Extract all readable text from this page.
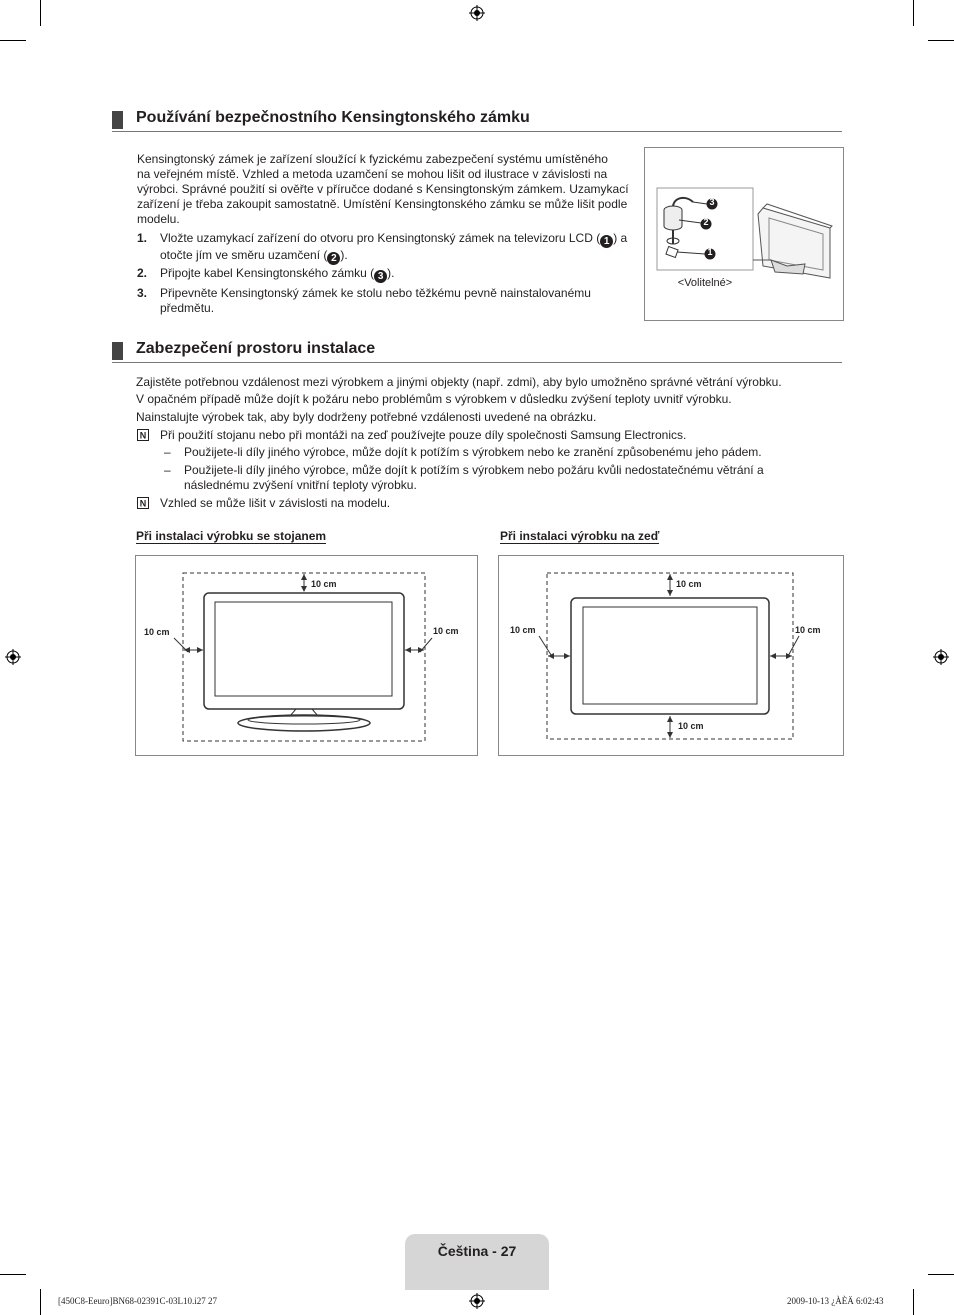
Používání bezpečnostního Kensingtonského zámku
Kensingtonský zámek je zařízení sloužící k fyzickému zabezpečení systému umístěného
na veřejném místě. Vzhled a metoda uzamčení se mohou lišit od ilustrace v závislosti na
výrobci. Správné použití si ověřte v příručce dodané s Kensingtonským zámkem. Uzamykací
zařízení je třeba zakoupit samostatně. Umístění Kensingtonského zámku se může lišit podle
modelu.
1. Vložte uzamykací zařízení do otvoru pro Kensingtonský zámek na televizoru LCD ( 1 ) a
otočte jím ve směru uzamčení ( 2 ).
2. Připojte kabel Kensingtonského zámku ( 3 ).
3. Připevněte Kensingtonský zámek ke stolu nebo těžkému pevně nainstalovanému
předmětu.
3
2
1
<Volitelné>
Zabezpečení prostoru instalace
Zajistěte potřebnou vzdálenost mezi výrobkem a jinými objekty (např. zdmi), aby bylo umožněno správné větrání výrobku.
V opačném případě může dojít k požáru nebo problémům s výrobkem v důsledku zvýšení teploty uvnitř výrobku.
Nainstalujte výrobek tak, aby byly dodrženy potřebné vzdálenosti uvedené na obrázku.
N Při použití stojanu nebo při montáži na zeď používejte pouze díly společnosti Samsung Electronics.
– Použijete-li díly jiného výrobce, může dojít k potížím s výrobkem nebo ke zranění způsobenému jeho pádem.
– Použijete-li díly jiného výrobce, může dojít k potížím s výrobkem nebo požáru kvůli nedostatečnému větrání a
následnému zvýšení vnitřní teploty výrobku.
N Vzhled se může lišit v závislosti na modelu.
Při instalaci výrobku se stojanem
10 cm
10 cm	10 cm
Při instalaci výrobku na zeď
10 cm
10 cm	10 cm
10 cm
Čeština - 27
[450C8-Eeuro]BN68-02391C-03L10.i27 27	2009-10-13 ¿ÀÈÄ 6:02:43
